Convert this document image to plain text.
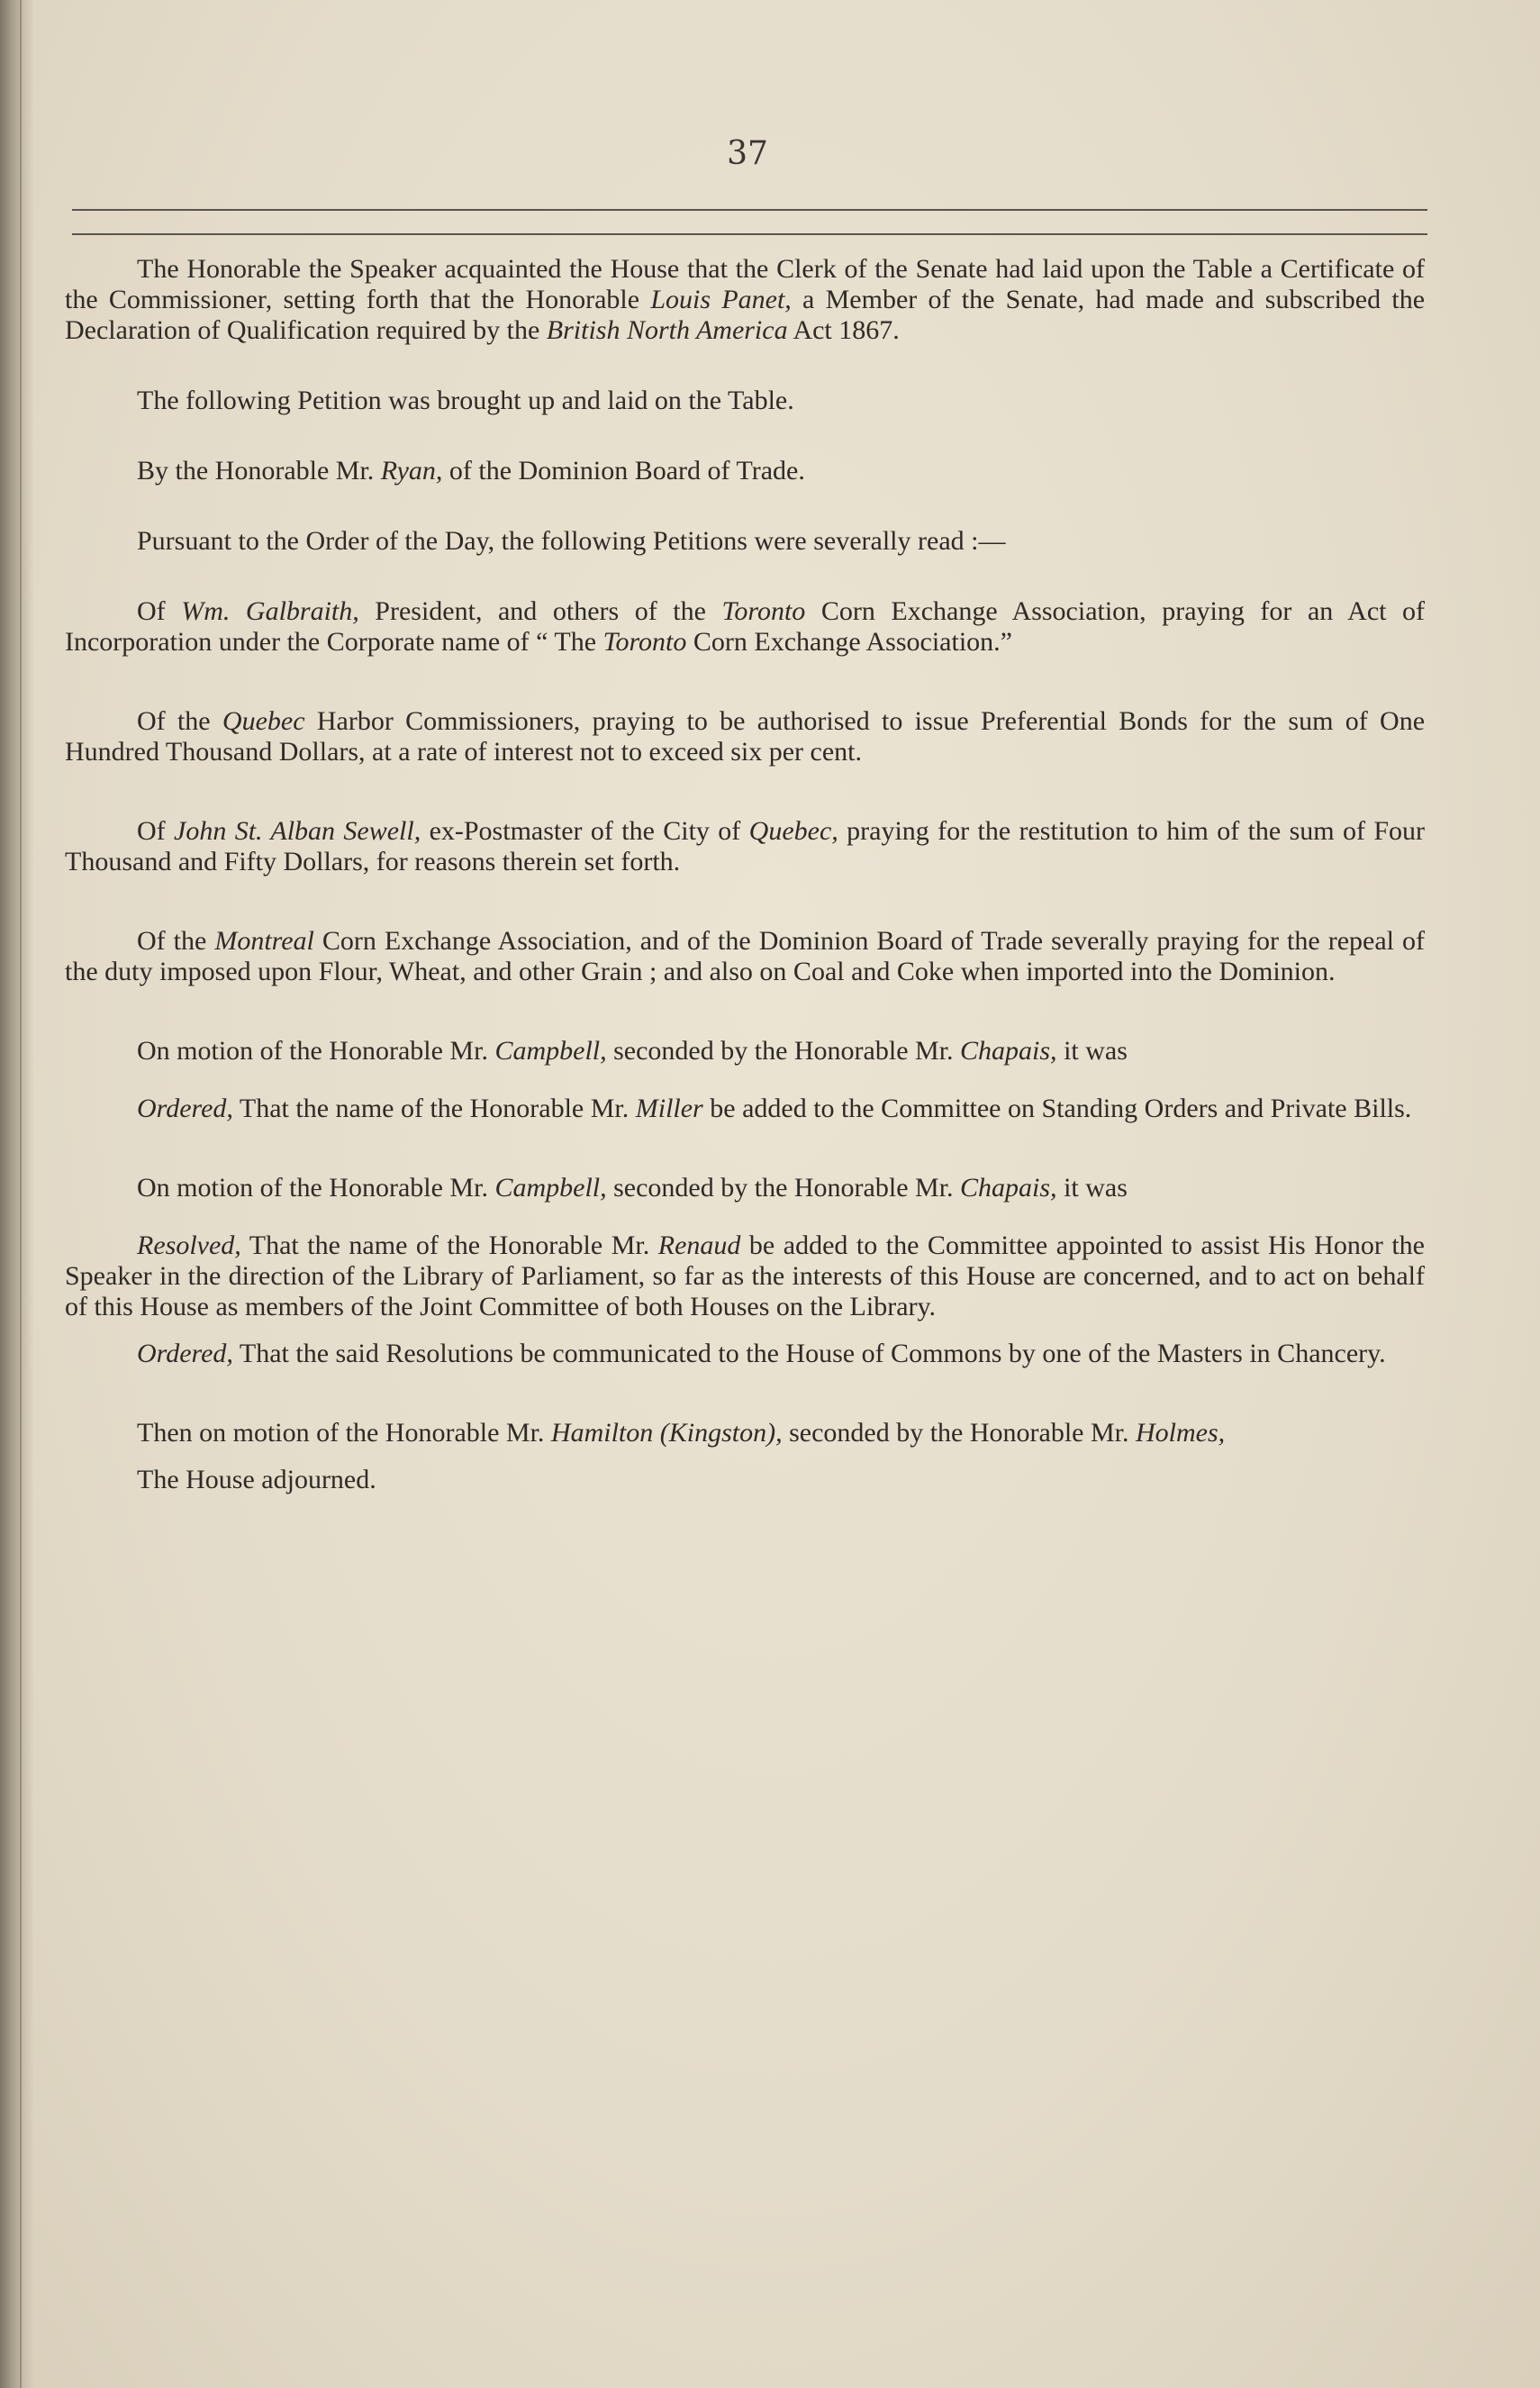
37

The Honorable the Speaker acquainted the House that the Clerk of the Senate had laid upon the Table a Certificate of the Commissioner, setting forth that the Honorable Louis Panet, a Member of the Senate, had made and subscribed the Declaration of Qualification required by the British North America Act 1867.

The following Petition was brought up and laid on the Table.

By the Honorable Mr. Ryan, of the Dominion Board of Trade.

Pursuant to the Order of the Day, the following Petitions were severally read :—

Of Wm. Galbraith, President, and others of the Toronto Corn Exchange Association, praying for an Act of Incorporation under the Corporate name of “ The Toronto Corn Exchange Association.”

Of the Quebec Harbor Commissioners, praying to be authorised to issue Preferential Bonds for the sum of One Hundred Thousand Dollars, at a rate of interest not to exceed six per cent.

Of John St. Alban Sewell, ex-Postmaster of the City of Quebec, praying for the restitution to him of the sum of Four Thousand and Fifty Dollars, for reasons therein set forth.

Of the Montreal Corn Exchange Association, and of the Dominion Board of Trade severally praying for the repeal of the duty imposed upon Flour, Wheat, and other Grain ; and also on Coal and Coke when imported into the Dominion.

On motion of the Honorable Mr. Campbell, seconded by the Honorable Mr. Chapais, it was

Ordered, That the name of the Honorable Mr. Miller be added to the Committee on Standing Orders and Private Bills.

On motion of the Honorable Mr. Campbell, seconded by the Honorable Mr. Chapais, it was

Resolved, That the name of the Honorable Mr. Renaud be added to the Committee appointed to assist His Honor the Speaker in the direction of the Library of Parliament, so far as the interests of this House are concerned, and to act on behalf of this House as members of the Joint Committee of both Houses on the Library.

Ordered, That the said Resolutions be communicated to the House of Commons by one of the Masters in Chancery.

Then on motion of the Honorable Mr. Hamilton (Kingston), seconded by the Honorable Mr. Holmes,

The House adjourned.
